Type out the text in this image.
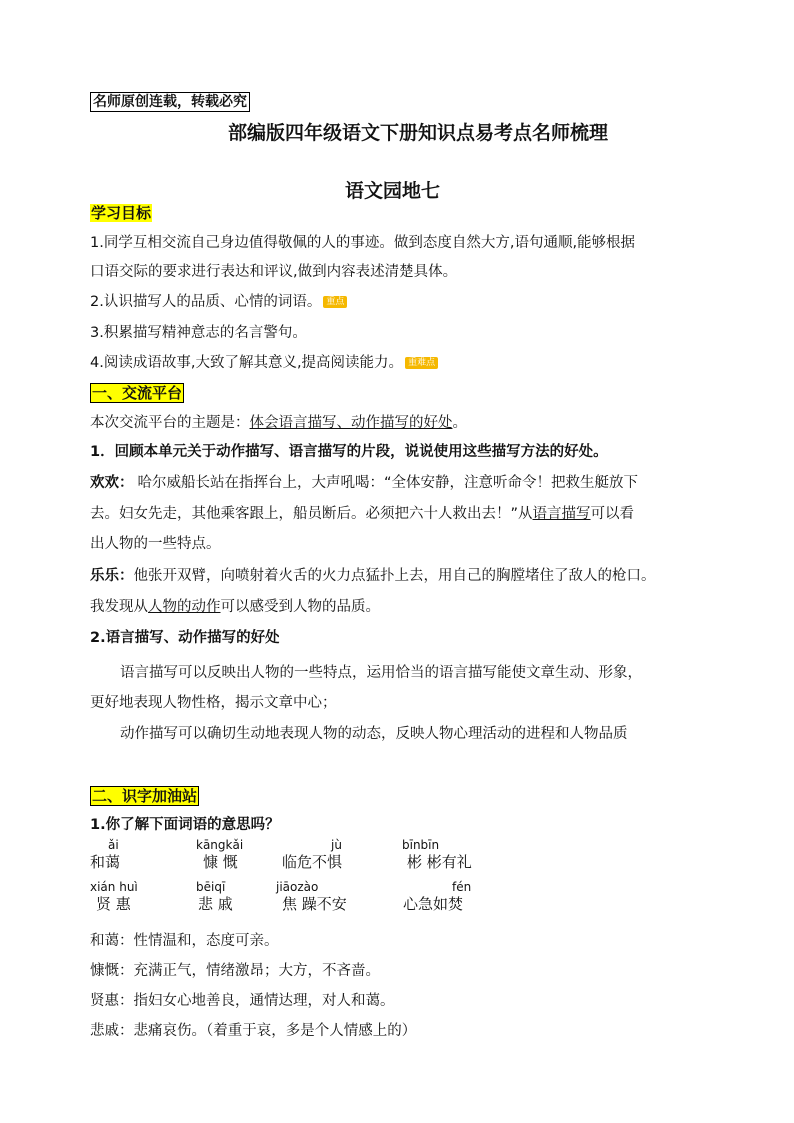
名师原创连载，转载必究
部编版四年级语文下册知识点易考点名师梳理
语文园地七
学习目标
1.同学互相交流自己身边值得敬佩的人的事迹。做到态度自然大方,语句通顺,能够根据
口语交际的要求进行表达和评议,做到内容表述清楚具体。
2.认识描写人的品质、心情的词语。 重点
3.积累描写精神意志的名言警句。
4.阅读成语故事,大致了解其意义,提高阅读能力。 重难点
一、交流平台
本次交流平台的主题是：体会语言描写、动作描写的好处。
1．回顾本单元关于动作描写、语言描写的片段，说说使用这些描写方法的好处。
欢欢： 哈尔威船长站在指挥台上，大声吼喝：“全体安静，注意听命令！把救生艇放下
去。妇女先走，其他乘客跟上，船员断后。必须把六十人救出去！”从语言描写可以看
出人物的一些特点。
乐乐：他张开双臂，向喷射着火舌的火力点猛扑上去，用自己的胸膛堵住了敌人的枪口。
我发现从人物的动作可以感受到人物的品质。
2.语言描写、动作描写的好处
语言描写可以反映出人物的一些特点，运用恰当的语言描写能使文章生动、形象，
更好地表现人物性格，揭示文章中心；
动作描写可以确切生动地表现人物的动态，反映人物心理活动的进程和人物品质
二、识字加油站
1.你了解下面词语的意思吗？
ǎi
和蔼
kāngkǎi
慷 慨
jù
临危不惧
bīnbīn
彬 彬有礼
xián huì
贤 惠
bēiqī
悲 戚
jiāozào
焦 躁不安
fén
心急如焚
和蔼：性情温和，态度可亲。
慷慨：充满正气，情绪激昂；大方，不吝啬。
贤惠：指妇女心地善良，通情达理，对人和蔼。
悲戚：悲痛哀伤。（着重于哀，多是个人情感上的）
